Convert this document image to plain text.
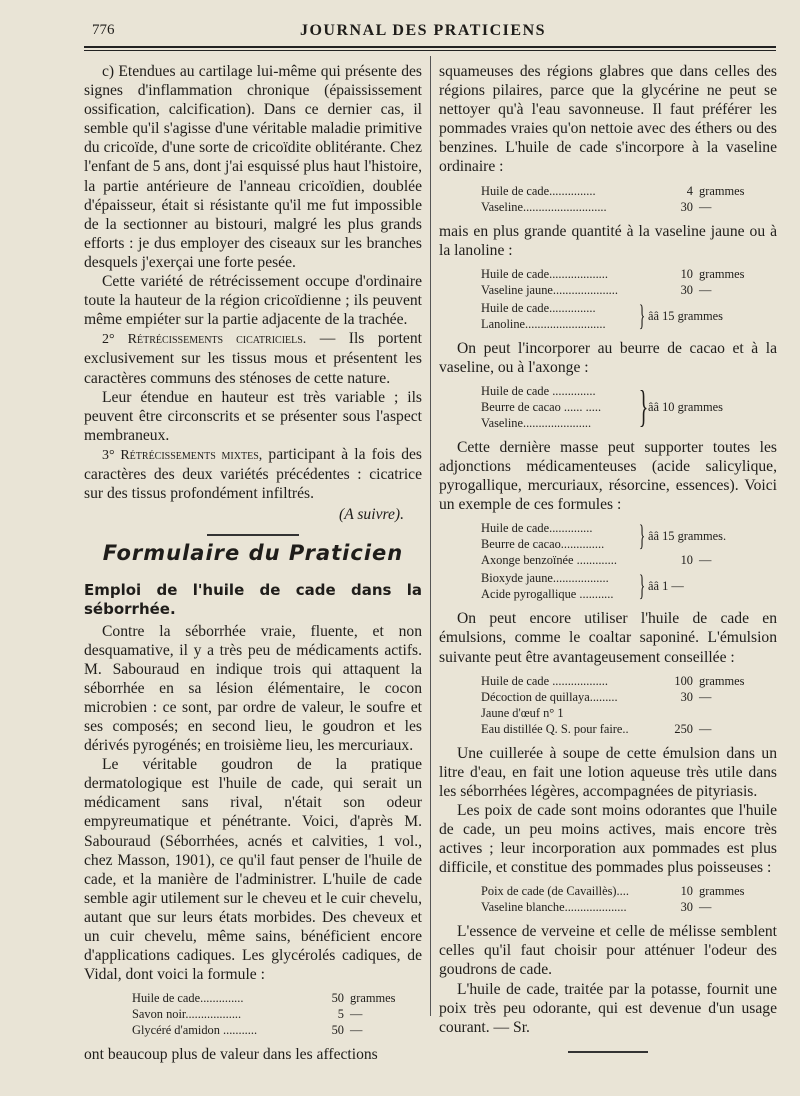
776	JOURNAL DES PRATICIENS

c) Etendues au cartilage lui-même qui présente des signes d'inflammation chronique (épaississement ossification, calcification). Dans ce dernier cas, il semble qu'il s'agisse d'une véritable maladie primitive du cricoïde, d'une sorte de cricoïdite oblitérante. Chez l'enfant de 5 ans, dont j'ai esquissé plus haut l'histoire, la partie antérieure de l'anneau cricoïdien, doublée d'épaisseur, était si résistante qu'il me fut impossible de la sectionner au bistouri, malgré les plus grands efforts : je dus employer des ciseaux sur les branches desquels j'exerçai une forte pesée.

Cette variété de rétrécissement occupe d'ordinaire toute la hauteur de la région cricoïdienne ; ils peuvent même empiéter sur la partie adjacente de la trachée.

2° Rétrécissements cicatriciels. — Ils portent exclusivement sur les tissus mous et présentent les caractères communs des sténoses de cette nature.

Leur étendue en hauteur est très variable ; ils peuvent être circonscrits et se présenter sous l'aspect membraneux.

3° Rétrécissements mixtes, participant à la fois des caractères des deux variétés précédentes : cicatrice sur des tissus profondément infiltrés.

(A suivre).
Formulaire du Praticien
Emploi de l'huile de cade dans la séborrhée.

Contre la séborrhée vraie, fluente, et non desquamative, il y a très peu de médicaments actifs. M. Sabouraud en indique trois qui attaquent la séborrhée en sa lésion élémentaire, le cocon microbien : ce sont, par ordre de valeur, le soufre et ses composés; en second lieu, le goudron et les dérivés pyrogénés; en troisième lieu, les mercuriaux.

Le véritable goudron de la pratique dermatologique est l'huile de cade, qui serait un médicament sans rival, n'était son odeur empyreumatique et pénétrante. Voici, d'après M. Sabouraud (Séborrhées, acnés et calvities, 1 vol., chez Masson, 1901), ce qu'il faut penser de l'huile de cade, et la manière de l'administrer. L'huile de cade semble agir utilement sur le cheveu et le cuir chevelu, autant que sur leurs états morbides. Des cheveux et un cuir chevelu, même sains, bénéficient encore d'applications cadiques. Les glycérolés cadiques, de Vidal, dont voici la formule :

Huile de cade..............	50 grammes
Savon noir..................	5 —
Glycéré d'amidon ...........	50 —

ont beaucoup plus de valeur dans les affections

squameuses des régions glabres que dans celles des régions pilaires, parce que la glycérine ne peut se nettoyer qu'à l'eau savonneuse. Il faut préférer les pommades vraies qu'on nettoie avec des éthers ou des benzines. L'huile de cade s'incorpore à la vaseline ordinaire :

Huile de cade...............	4 grammes
Vaseline...........................	30 —

mais en plus grande quantité à la vaseline jaune ou à la lanoline :

Huile de cade...................	10 grammes
Vaseline jaune.....................	30 —
Huile de cade...............
Lanoline..........................	} ââ 15 grammes

On peut l'incorporer au beurre de cacao et à la vaseline, ou à l'axonge :

Huile de cade ..............
Beurre de cacao ...... .....
Vaseline......................	} ââ 10 grammes

Cette dernière masse peut supporter toutes les adjonctions médicamenteuses (acide salicylique, pyrogallique, mercuriaux, résorcine, essences). Voici un exemple de ces formules :

Huile de cade..............
Beurre de cacao..............	} ââ 15 grammes.
Axonge benzoïnée .............	10 —
Bioxyde jaune..................
Acide pyrogallique ........... } ââ 1 —

On peut encore utiliser l'huile de cade en émulsions, comme le coaltar saponiné. L'émulsion suivante peut être avantageusement conseillée :

Huile de cade ..................	100 grammes
Décoction de quillaya.........	30 —
Jaune d'œuf n° 1
Eau distillée Q. S. pour faire..	250 —

Une cuillerée à soupe de cette émulsion dans un litre d'eau, en fait une lotion aqueuse très utile dans les séborrhées légères, accompagnées de pityriasis.

Les poix de cade sont moins odorantes que l'huile de cade, un peu moins actives, mais encore très actives ; leur incorporation aux pommades est plus difficile, et constitue des pommades plus poisseuses :

Poix de cade (de Cavaillès)....	10 grammes
Vaseline blanche....................	30 —

L'essence de verveine et celle de mélisse semblent celles qu'il faut choisir pour atténuer l'odeur des goudrons de cade.

L'huile de cade, traitée par la potasse, fournit une poix très peu odorante, qui est devenue d'un usage courant. — Sr.
